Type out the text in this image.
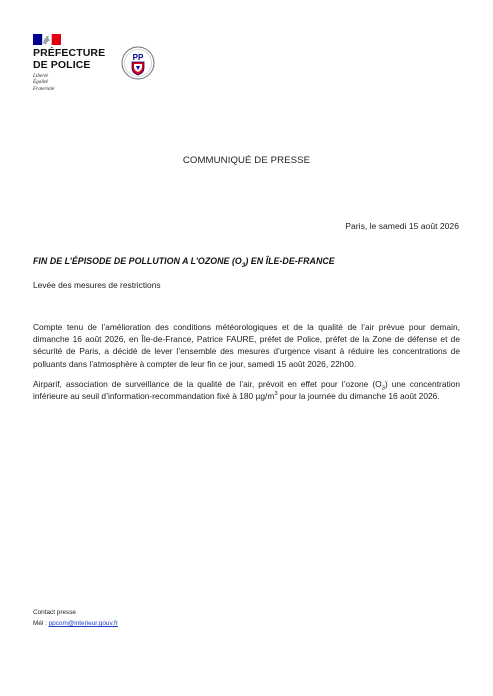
PRÉFECTURE
DE POLICE
Liberté
Égalité
Fraternité
PP
COMMUNIQUÉ DE PRESSE
Paris, le samedi 15 août 2026
FIN DE L’ÉPISODE DE POLLUTION A L’OZONE $(O_3)$ EN ÎLE-DE-FRANCE
Levée des mesures de restrictions
Compte tenu de l’amélioration des conditions météorologiques et de la qualité de l’air prévue pour demain, dimanche 16 août 2026, en Île-de-France, Patrice FAURE, préfet de Police, préfet de la Zone de défense et de sécurité de Paris, a décidé de lever l’ensemble des mesures d’urgence visant à réduire les concentrations de polluants dans l’atmosphère à compter de leur fin ce jour, samedi 15 août 2026, 22h00.
Airparif, association de surveillance de la qualité de l’air, prévoit en effet pour l’ozone $(O_3)$ une concentration inférieure au seuil d’information-recommandation fixé à 180 $\mu g/m^3$ pour la journée du dimanche 16 août 2026.
Contact presse
Mél : ppcom@interieur.gouv.fr
